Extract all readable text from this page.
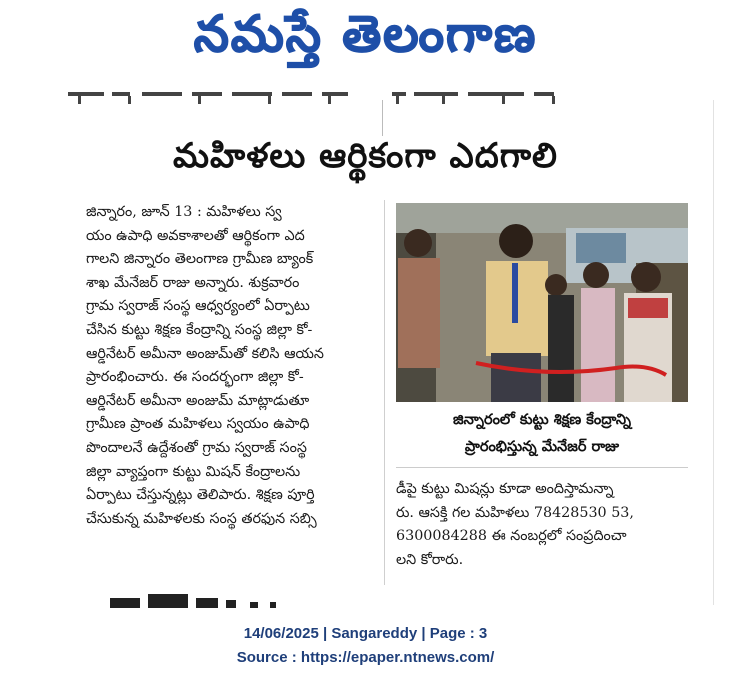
నమస్తే తెలంగాణ
మహిళలు ఆర్థికంగా ఎదగాలి
జిన్నారం, జూన్ 13 : మహిళలు స్వ
యం ఉపాధి అవకాశాలతో ఆర్థికంగా ఎద
గాలని జిన్నారం తెలంగాణ గ్రామీణ బ్యాంక్
శాఖ మేనేజర్ రాజు అన్నారు. శుక్రవారం
గ్రామ స్వరాజ్ సంస్థ ఆధ్వర్యంలో ఏర్పాటు
చేసిన కుట్టు శిక్షణ కేంద్రాన్ని సంస్థ జిల్లా కో-
ఆర్డినేటర్ అమీనా అంజుమ్‌తో కలిసి ఆయన
ప్రారంభించారు. ఈ సందర్భంగా జిల్లా కో-
ఆర్డినేటర్ అమీనా అంజుమ్ మాట్లాడుతూ
గ్రామీణ ప్రాంత మహిళలు స్వయం ఉపాధి
పొందాలనే ఉద్దేశంతో గ్రామ స్వరాజ్ సంస్థ
జిల్లా వ్యాప్తంగా కుట్టు మిషన్ కేంద్రాలను
ఏర్పాటు చేస్తున్నట్లు తెలిపారు. శిక్షణ పూర్తి
చేసుకున్న మహిళలకు సంస్థ తరఫున సబ్సి
జిన్నారంలో కుట్టు శిక్షణ కేంద్రాన్ని
ప్రారంభిస్తున్న మేనేజర్ రాజు
డీపై కుట్టు మిషన్లు కూడా అందిస్తామన్నా
రు. ఆసక్తి గల మహిళలు 78428530 53,
6300084288 ఈ నంబర్లలో సంప్రదించా
లని కోరారు.
14/06/2025 | Sangareddy | Page : 3
Source : https://epaper.ntnews.com/
